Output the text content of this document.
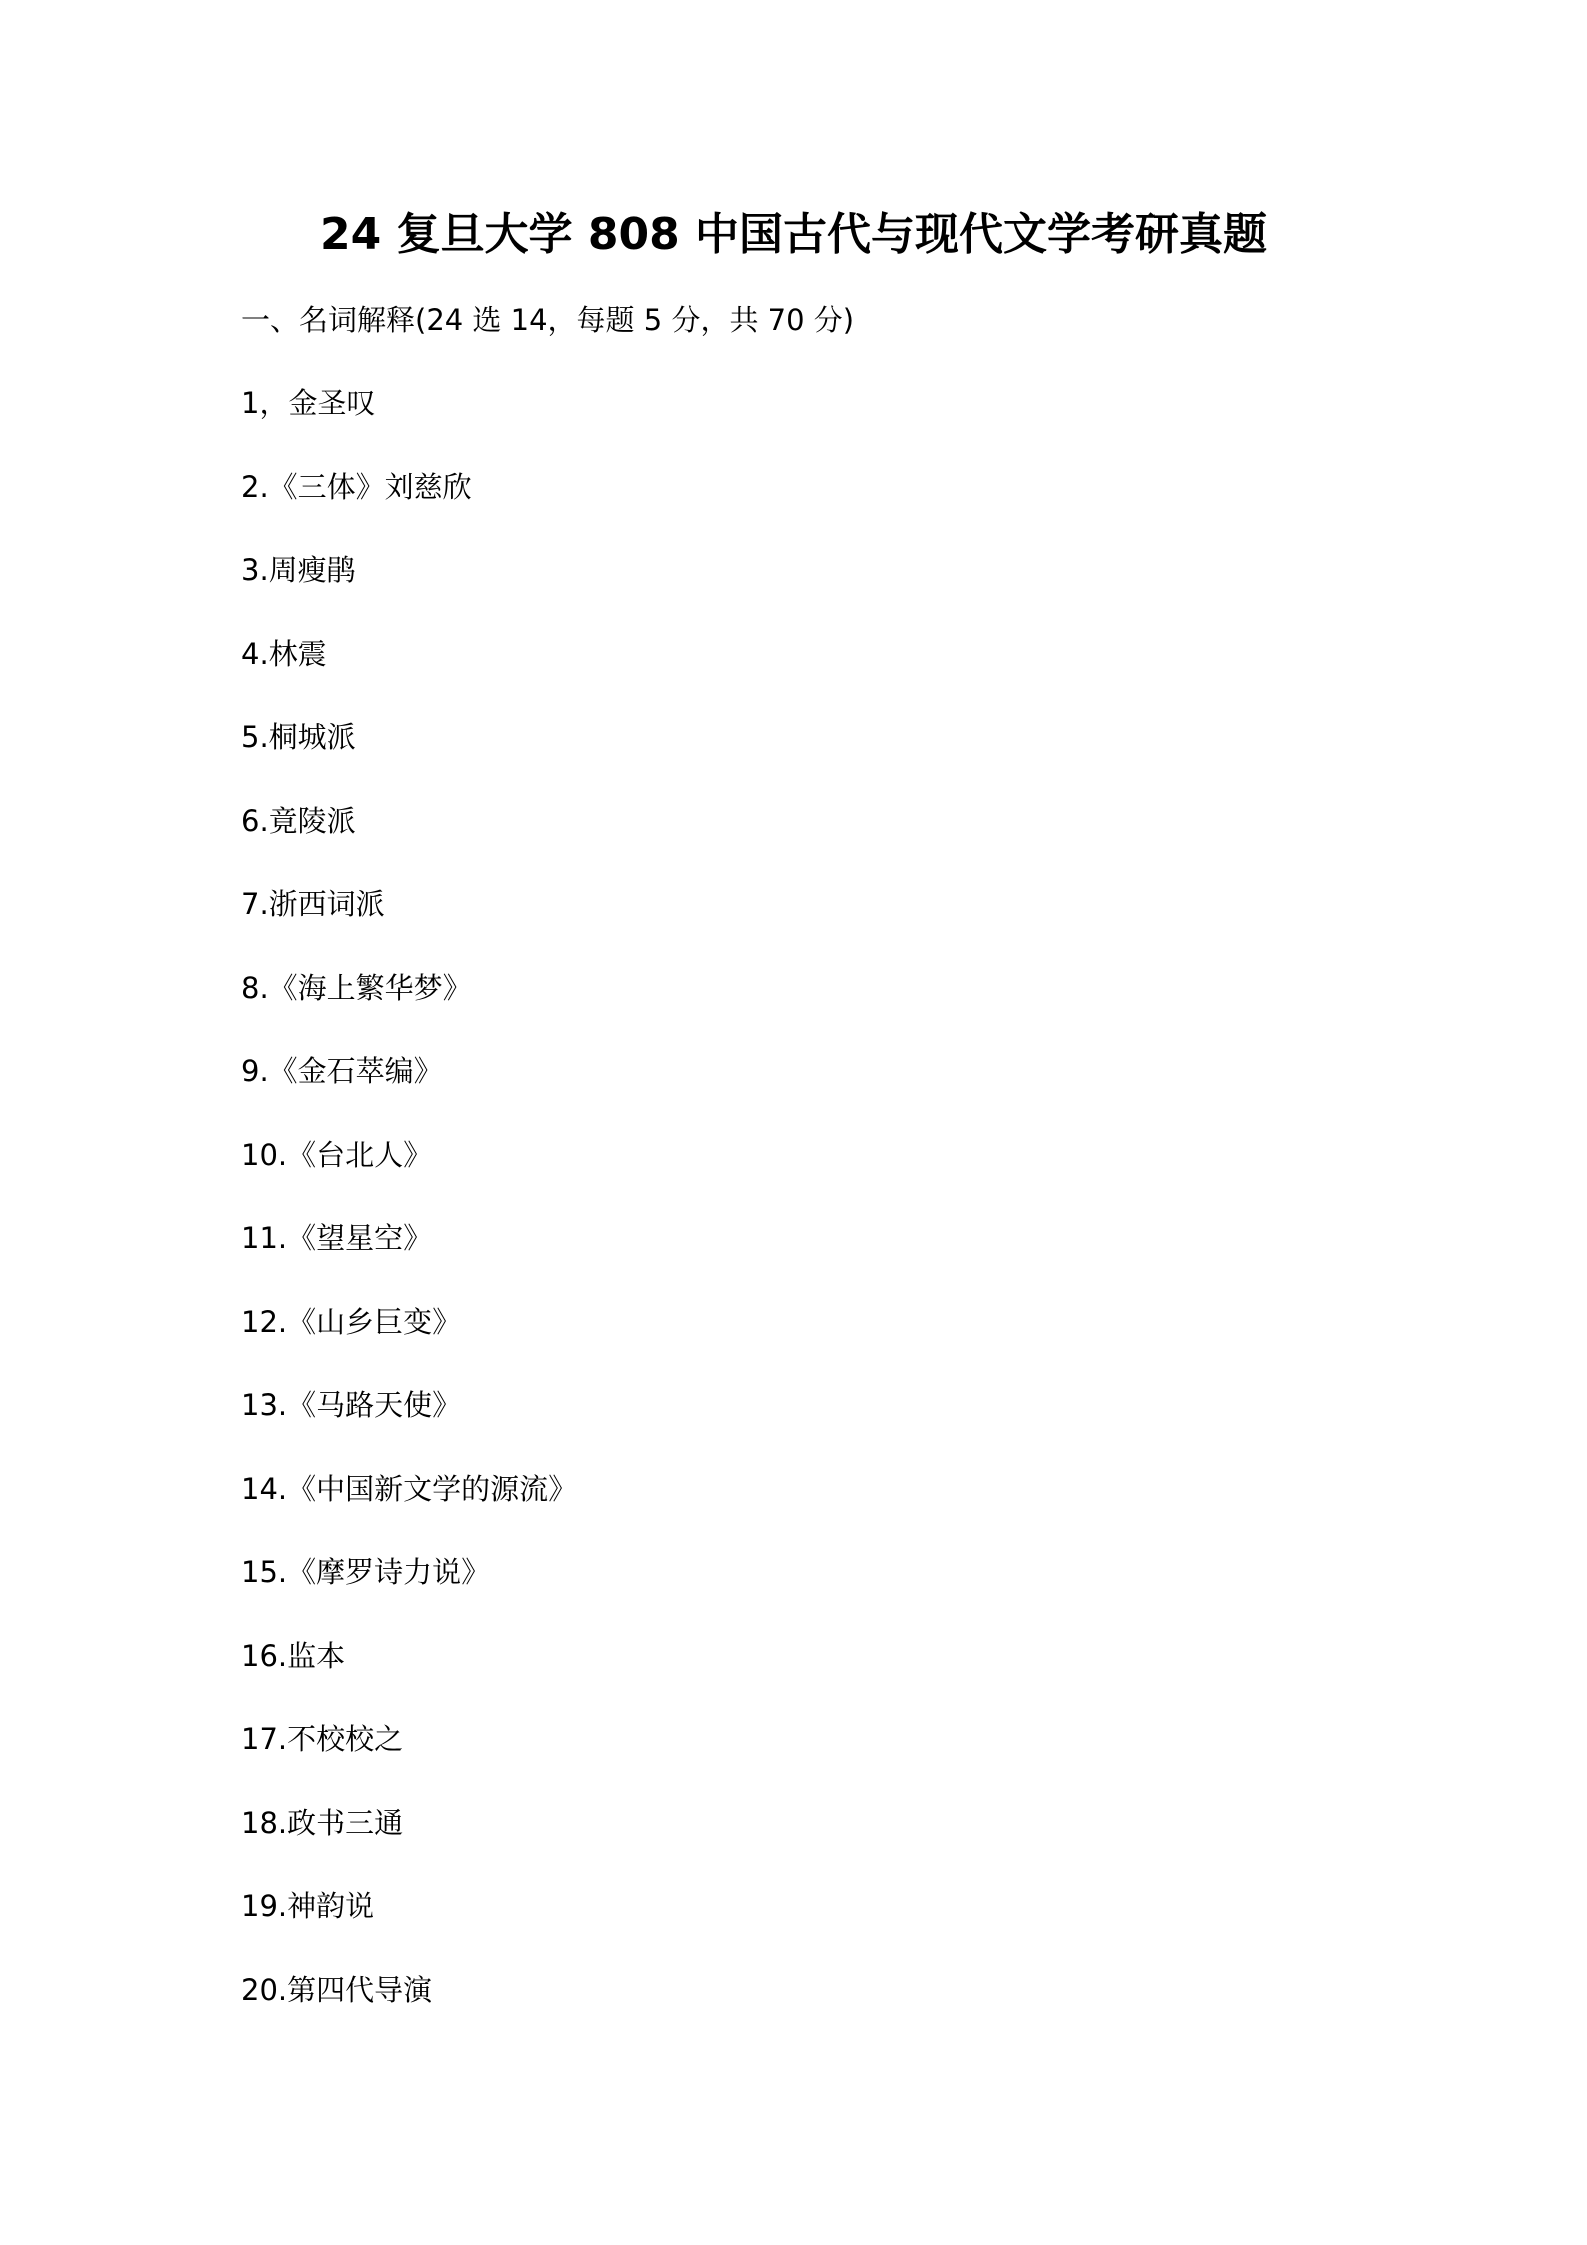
24 复旦大学 808 中国古代与现代文学考研真题
一、名词解释(24 选 14，每题 5 分，共 70 分)
1，金圣叹
2.《三体》刘慈欣
3.周瘦鹃
4.林震
5.桐城派
6.竟陵派
7.浙西词派
8.《海上繁华梦》
9.《金石萃编》
10.《台北人》
11.《望星空》
12.《山乡巨变》
13.《马路天使》
14.《中国新文学的源流》
15.《摩罗诗力说》
16.监本
17.不校校之
18.政书三通
19.神韵说
20.第四代导演
